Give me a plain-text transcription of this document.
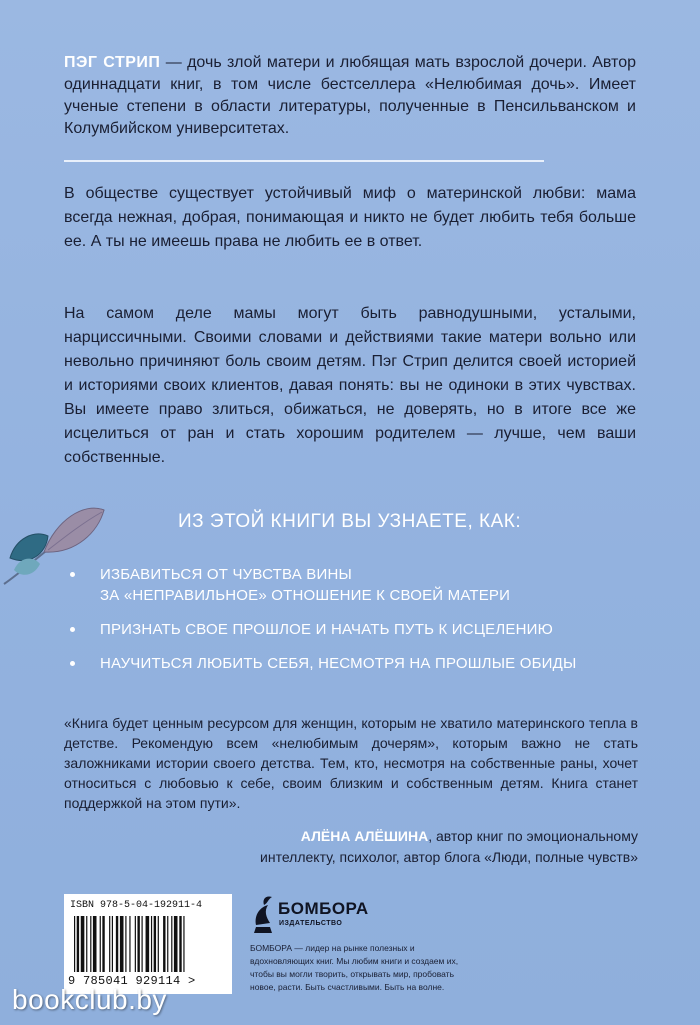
ПЭГ СТРИП — дочь злой матери и любящая мать взрослой дочери. Автор одиннадцати книг, в том числе бестселлера «Нелюбимая дочь». Имеет ученые степени в области литературы, полученные в Пенсильванском и Колумбийском университетах.
В обществе существует устойчивый миф о материнской любви: мама всегда нежная, добрая, понимающая и никто не будет любить тебя больше ее. А ты не имеешь права не любить ее в ответ.
На самом деле мамы могут быть равнодушными, усталыми, нарциссичными. Своими словами и действиями такие матери вольно или невольно причиняют боль своим детям. Пэг Стрип делится своей историей и историями своих клиентов, давая понять: вы не одиноки в этих чувствах. Вы имеете право злиться, обижаться, не доверять, но в итоге все же исцелиться от ран и стать хорошим родителем — лучше, чем ваши собственные.
ИЗ ЭТОЙ КНИГИ ВЫ УЗНАЕТЕ, КАК:
ИЗБАВИТЬСЯ ОТ ЧУВСТВА ВИНЫ
ЗА «НЕПРАВИЛЬНОЕ» ОТНОШЕНИЕ К СВОЕЙ МАТЕРИ
ПРИЗНАТЬ СВОЕ ПРОШЛОЕ И НАЧАТЬ ПУТЬ К ИСЦЕЛЕНИЮ
НАУЧИТЬСЯ ЛЮБИТЬ СЕБЯ, НЕСМОТРЯ НА ПРОШЛЫЕ ОБИДЫ
«Книга будет ценным ресурсом для женщин, которым не хватило материнского тепла в детстве. Рекомендую всем «нелюбимым дочерям», которым важно не стать заложниками истории своего детства. Тем, кто, несмотря на собственные раны, хочет относиться с любовью к себе, своим близким и собственным детям. Книга станет поддержкой на этом пути».
АЛЁНА АЛЁШИНА, автор книг по эмоциональному
интеллекту, психолог, автор блога «Люди, полные чувств»
ISBN 978-5-04-192911-4
9 785041 929114 >
БОМБОРА
ИЗДАТЕЛЬСТВО
БОМБОРА — лидер на рынке полезных и вдохновляющих книг. Мы любим книги и создаем их, чтобы вы могли творить, открывать мир, пробовать новое, расти. Быть счастливыми. Быть на волне.
bookclub.by
